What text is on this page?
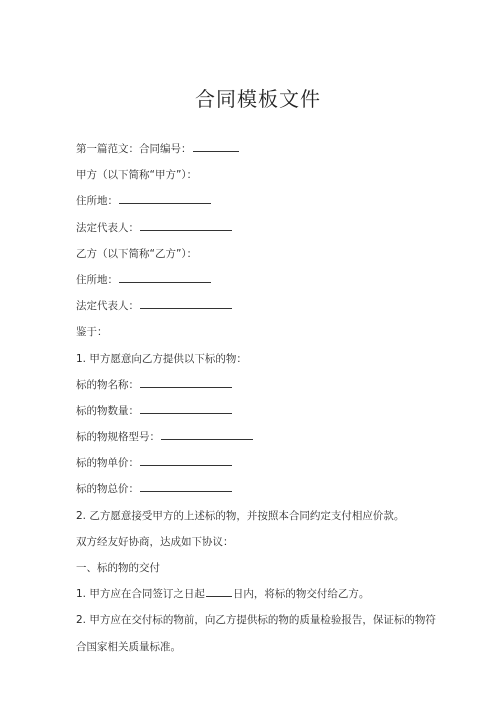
合同模板文件
第一篇范文：合同编号：
甲方（以下简称“甲方”）：
住所地：
法定代表人：
乙方（以下简称“乙方”）：
住所地：
法定代表人：
鉴于：
1. 甲方愿意向乙方提供以下标的物：
标的物名称：
标的物数量：
标的物规格型号：
标的物单价：
标的物总价：
2. 乙方愿意接受甲方的上述标的物，并按照本合同约定支付相应价款。
双方经友好协商，达成如下协议：
一、标的物的交付
1. 甲方应在合同签订之日起	日内，将标的物交付给乙方。
2. 甲方应在交付标的物前，向乙方提供标的物的质量检验报告，保证标的物符
合国家相关质量标准。
